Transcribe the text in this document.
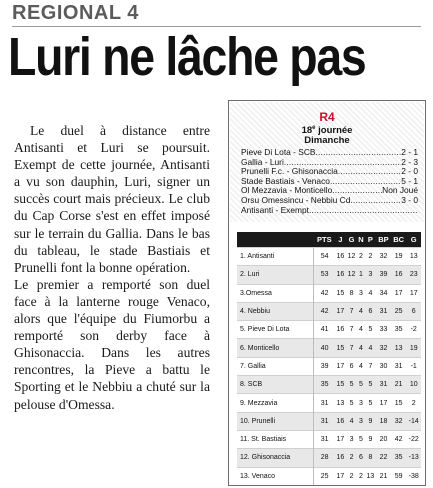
REGIONAL 4
Luri ne lâche pas

Le duel à distance entre Antisanti et Luri se poursuit. Exempt de cette journée, Antisanti a vu son dauphin, Luri, signer un succès court mais précieux. Le club du Cap Corse s'est en effet imposé sur le terrain du Gallia. Dans le bas du tableau, le stade Bastiais et Prunelli font la bonne opération.

Le premier a remporté son duel face à la lanterne rouge Venaco, alors que l'équipe du Fiumorbu a remporté son derby face à Ghisonaccia. Dans les autres rencontres, la Pieve a battu le Sporting et le Nebbiu a chuté sur la pelouse d'Omessa.

R4
18e journée
Dimanche
Pieve Di Lota - SCB .....	2 - 1
Gallia - Luri .....	2 - 3
Prunelli F.c. - Ghisonaccia .....	2 - 0
Stade Bastiais - Venaco .....	5 - 1
Ol Mezzavia - Monticello .....	Non Joué
Orsu Omessincu - Nebbiu Cd .....	3 - 0
Antisanti - Exempt
.....
	PTS	J	G	N	P	BP	BC	G
1. Antisanti	54	16	12	2	2	32	19	13
2. Luri	53	16	12	1	3	39	16	23
3.Omessa	42	15	8	3	4	34	17	17
4. Nebbiu	42	17	7	4	6	31	25	6
5. Pieve Di Lota	41	16	7	4	5	33	35	-2
6. Monticello	40	15	7	4	4	32	13	19
7. Gallia	39	17	6	4	7	30	31	-1
8. SCB	35	15	5	5	5	31	21	10
9. Mezzavia	31	13	5	3	5	17	15	2
10. Prunelli	31	16	4	3	9	18	32	-14
11. St. Bastiais	31	17	3	5	9	20	42	-22
12. Ghisonaccia	28	16	2	6	8	22	35	-13
13. Venaco	25	17	2	2	13	21	59	-38
